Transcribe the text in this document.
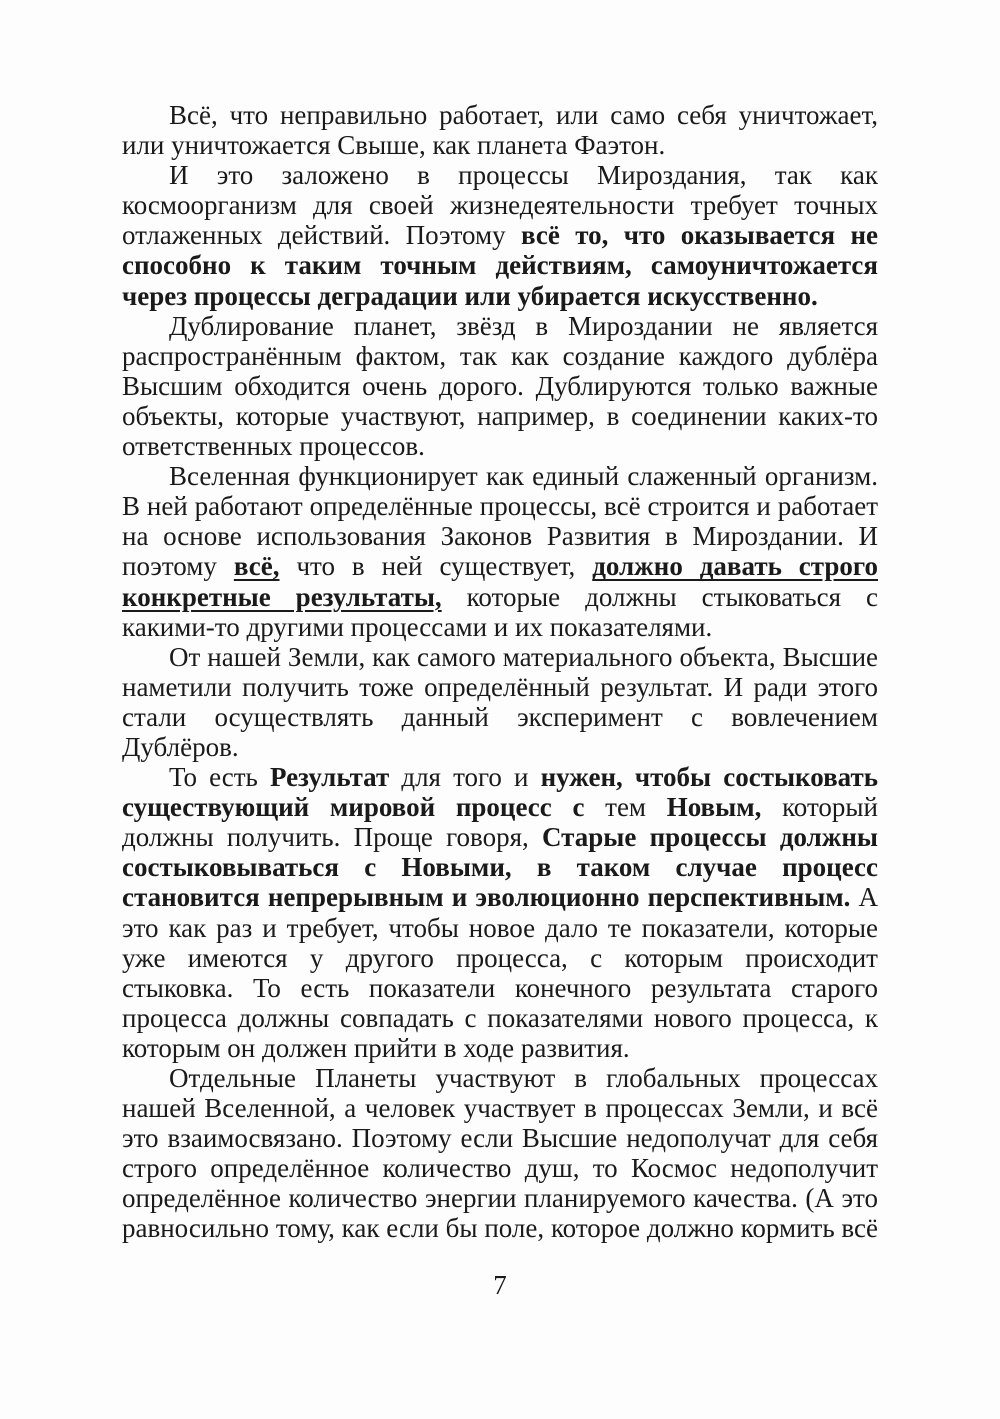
Всё, что неправильно работает, или само себя уничтожает,
или уничтожается Свыше, как планета Фаэтон.
И это заложено в процессы Мироздания, так как
космоорганизм для своей жизнедеятельности требует точных
отлаженных действий. Поэтому всё то, что оказывается не
способно к таким точным действиям, самоуничтожается
через процессы деградации или убирается искусственно.
Дублирование планет, звёзд в Мироздании не является
распространённым фактом, так как создание каждого дублёра
Высшим обходится очень дорого. Дублируются только важные
объекты, которые участвуют, например, в соединении каких-то
ответственных процессов.
Вселенная функционирует как единый слаженный организм.
В ней работают определённые процессы, всё строится и работает
на основе использования Законов Развития в Мироздании. И
поэтому всё, что в ней существует, должно давать строго
конкретные результаты, которые должны стыковаться с
какими-то другими процессами и их показателями.
От нашей Земли, как самого материального объекта, Высшие
наметили получить тоже определённый результат. И ради этого
стали осуществлять данный эксперимент с вовлечением
Дублёров.
То есть Результат для того и нужен, чтобы состыковать
существующий мировой процесс с тем Новым, который
должны получить. Проще говоря, Старые процессы должны
состыковываться с Новыми, в таком случае процесс
становится непрерывным и эволюционно перспективным. А
это как раз и требует, чтобы новое дало те показатели, которые
уже имеются у другого процесса, с которым происходит
стыковка. То есть показатели конечного результата старого
процесса должны совпадать с показателями нового процесса, к
которым он должен прийти в ходе развития.
Отдельные Планеты участвуют в глобальных процессах
нашей Вселенной, а человек участвует в процессах Земли, и всё
это взаимосвязано. Поэтому если Высшие недополучат для себя
строго определённое количество душ, то Космос недополучит
определённое количество энергии планируемого качества. (А это
равносильно тому, как если бы поле, которое должно кормить всё
7
